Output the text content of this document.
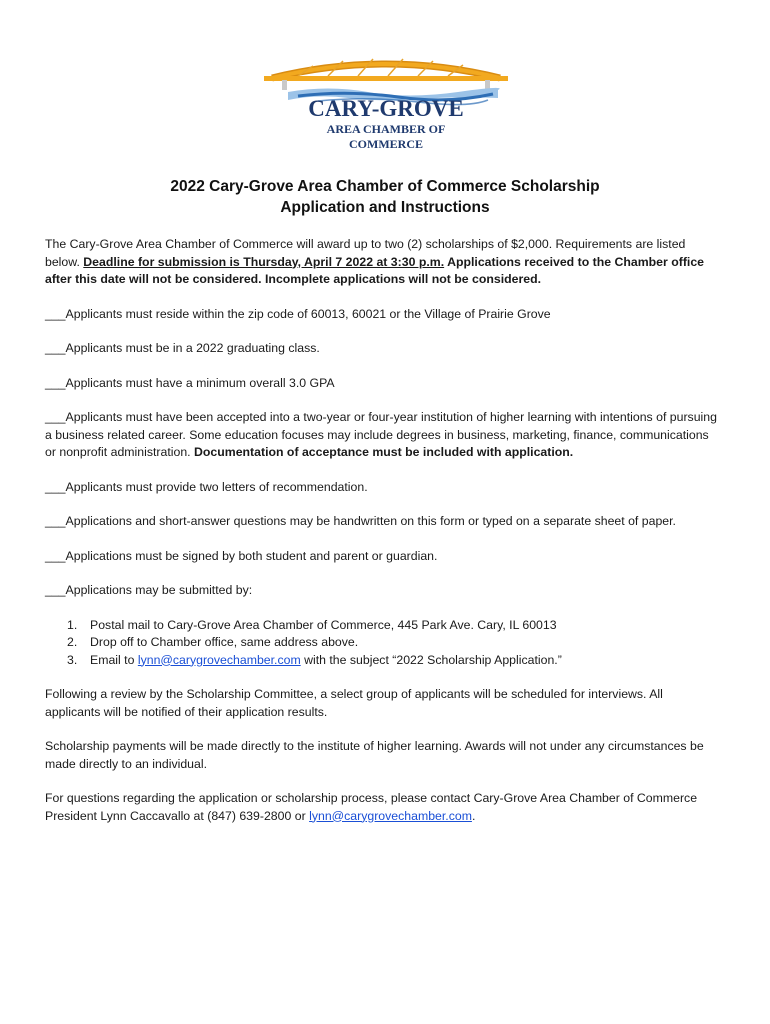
CARY-GROVE
AREA CHAMBER OF
COMMERCE
2022 Cary-Grove Area Chamber of Commerce Scholarship
Application and Instructions

The Cary-Grove Area Chamber of Commerce will award up to two (2) scholarships of $2,000. Requirements are listed below. Deadline for submission is Thursday, April 7 2022 at 3:30 p.m. Applications received to the Chamber office after this date will not be considered. Incomplete applications will not be considered.

___Applicants must reside within the zip code of 60013, 60021 or the Village of Prairie Grove

___Applicants must be in a 2022 graduating class.

___Applicants must have a minimum overall 3.0 GPA

___Applicants must have been accepted into a two-year or four-year institution of higher learning with intentions of pursuing a business related career. Some education focuses may include degrees in business, marketing, finance, communications or nonprofit administration. Documentation of acceptance must be included with application.

___Applicants must provide two letters of recommendation.

___Applications and short-answer questions may be handwritten on this form or typed on a separate sheet of paper.

___Applications must be signed by both student and parent or guardian.

___Applications may be submitted by:

1. Postal mail to Cary-Grove Area Chamber of Commerce, 445 Park Ave. Cary, IL 60013
2. Drop off to Chamber office, same address above.
3. Email to lynn@carygrovechamber.com with the subject “2022 Scholarship Application.”

Following a review by the Scholarship Committee, a select group of applicants will be scheduled for interviews. All applicants will be notified of their application results.

Scholarship payments will be made directly to the institute of higher learning. Awards will not under any circumstances be made directly to an individual.

For questions regarding the application or scholarship process, please contact Cary-Grove Area Chamber of Commerce President Lynn Caccavallo at (847) 639-2800 or lynn@carygrovechamber.com.
